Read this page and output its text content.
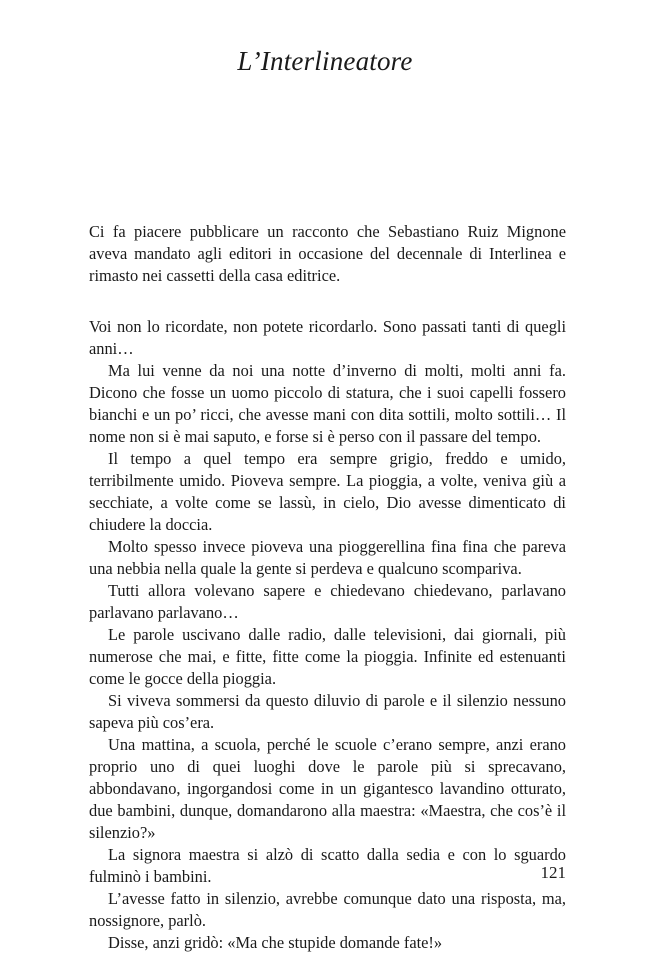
L’Interlineatore

Ci fa piacere pubblicare un racconto che Sebastiano Ruiz Mignone aveva mandato agli editori in occasione del decennale di Interlinea e rimasto nei cassetti della casa editrice.

Voi non lo ricordate, non potete ricordarlo. Sono passati tanti di quegli anni…

Ma lui venne da noi una notte d’inverno di molti, molti anni fa. Dicono che fosse un uomo piccolo di statura, che i suoi capelli fossero bianchi e un po’ ricci, che avesse mani con dita sottili, molto sottili… Il nome non si è mai saputo, e forse si è perso con il passare del tempo.

Il tempo a quel tempo era sempre grigio, freddo e umido, terribilmente umido. Pioveva sempre. La pioggia, a volte, veniva giù a secchiate, a volte come se lassù, in cielo, Dio avesse dimenticato di chiudere la doccia.

Molto spesso invece pioveva una pioggerellina fina fina che pareva una nebbia nella quale la gente si perdeva e qualcuno scompariva.

Tutti allora volevano sapere e chiedevano chiedevano, parlavano parlavano parlavano…

Le parole uscivano dalle radio, dalle televisioni, dai giornali, più numerose che mai, e fitte, fitte come la pioggia. Infinite ed estenuanti come le gocce della pioggia.

Si viveva sommersi da questo diluvio di parole e il silenzio nessuno sapeva più cos’era.

Una mattina, a scuola, perché le scuole c’erano sempre, anzi erano proprio uno di quei luoghi dove le parole più si sprecavano, abbondavano, ingorgandosi come in un gigantesco lavandino otturato, due bambini, dunque, domandarono alla maestra: «Maestra, che cos’è il silenzio?»

La signora maestra si alzò di scatto dalla sedia e con lo sguardo fulminò i bambini.

L’avesse fatto in silenzio, avrebbe comunque dato una risposta, ma, nossignore, parlò.

Disse, anzi gridò: «Ma che stupide domande fate!»

121
